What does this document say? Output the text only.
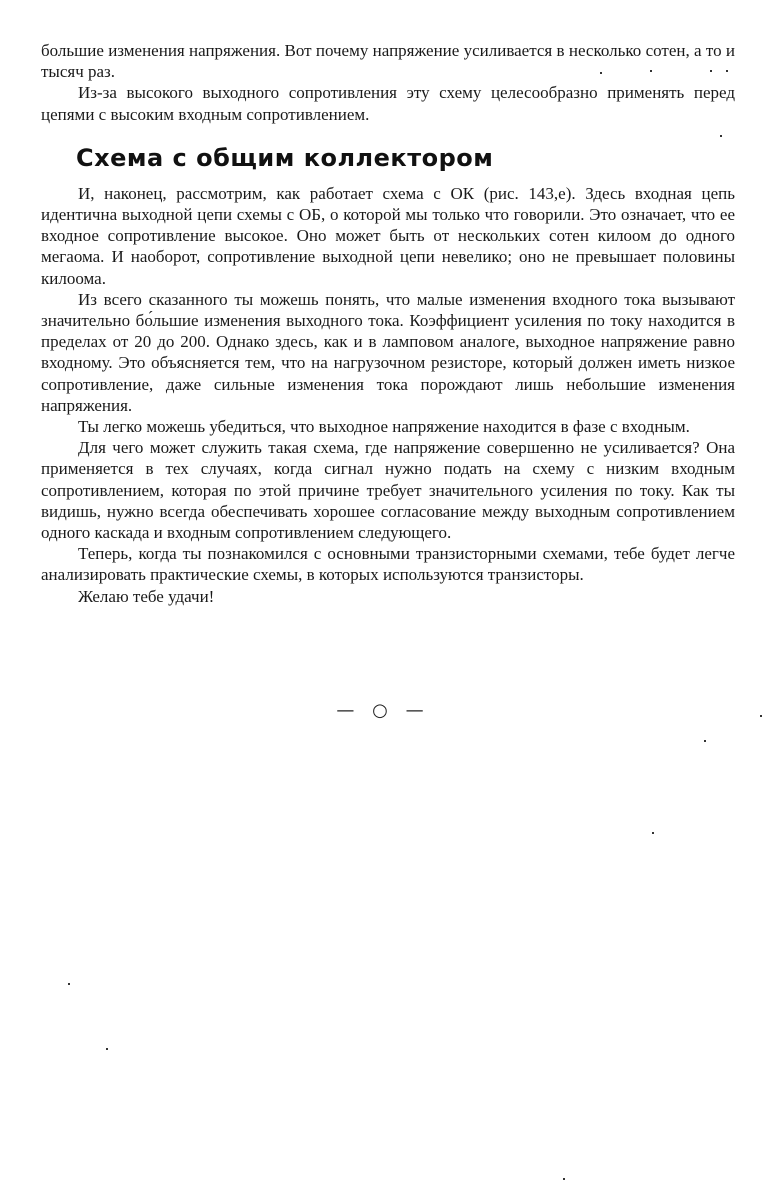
большие изменения напряжения. Вот почему напряжение усиливается в несколько сотен, а то и тысяч раз.

Из-за высокого выходного сопротивления эту схему целесообразно применять перед цепями с высоким входным сопротивлением.

Схема с общим коллектором

И, наконец, рассмотрим, как работает схема с ОК (рис. 143,е). Здесь входная цепь идентична выходной цепи схемы с ОБ, о которой мы только что говорили. Это означает, что ее входное сопротивление высокое. Оно может быть от нескольких сотен килоом до одного мегаома. И наоборот, сопротивление выходной цепи невелико; оно не превышает половины килоома.

Из всего сказанного ты можешь понять, что малые изменения входного тока вызывают значительно бо́льшие изменения выходного тока. Коэффициент усиления по току находится в пределах от 20 до 200. Однако здесь, как и в ламповом аналоге, выходное напряжение равно входному. Это объясняется тем, что на нагрузочном резисторе, который должен иметь низкое сопротивление, даже сильные изменения тока порождают лишь небольшие изменения напряжения.

Ты легко можешь убедиться, что выходное напряжение находится в фазе с входным.

Для чего может служить такая схема, где напряжение совершенно не усиливается? Она применяется в тех случаях, когда сигнал нужно подать на схему с низким входным сопротивлением, которая по этой причине требует значительного усиления по току. Как ты видишь, нужно всегда обеспечивать хорошее согласование между выходным сопротивлением одного каскада и входным сопротивлением следующего.

Теперь, когда ты познакомился с основными транзисторными схемами, тебе будет легче анализировать практические схемы, в которых используются транзисторы.

Желаю тебе удачи!

— ○ —
